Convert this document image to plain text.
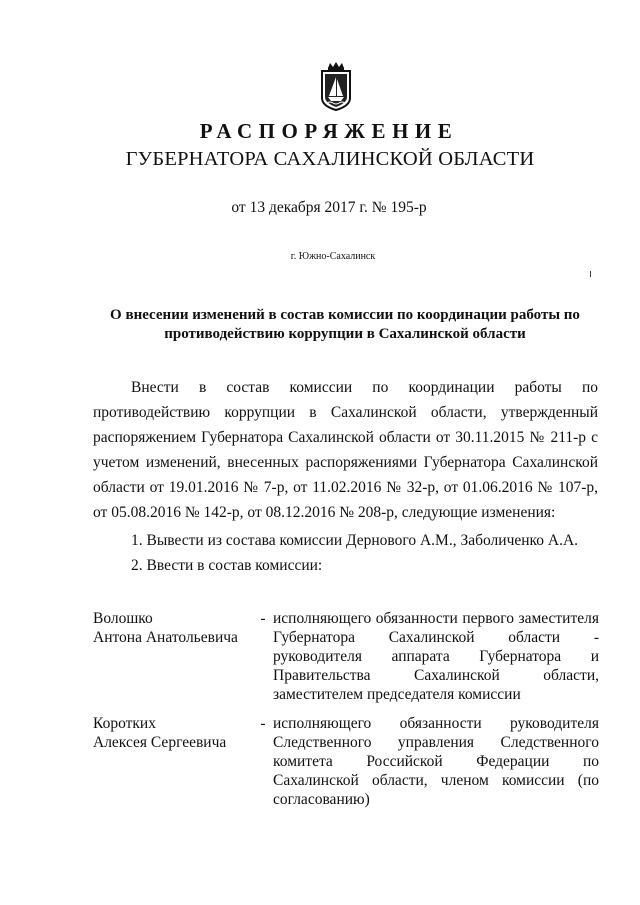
РАСПОРЯЖЕНИЕ
ГУБЕРНАТОРА САХАЛИНСКОЙ ОБЛАСТИ
от 13 декабря 2017 г. № 195-р
г. Южно-Сахалинск
О внесении изменений в состав комиссии по координации работы по противодействию коррупции в Сахалинской области
Внести в состав комиссии по координации работы по противодействию коррупции в Сахалинской области, утвержденный распоряжением Губернатора Сахалинской области от 30.11.2015 № 211-р с учетом изменений, внесенных распоряжениями Губернатора Сахалинской области от 19.01.2016 № 7-р, от 11.02.2016 № 32-р, от 01.06.2016 № 107-р, от 05.08.2016 № 142-р, от 08.12.2016 № 208-р, следующие изменения:
1. Вывести из состава комиссии Дернового А.М., Заболиченко А.А.
2. Ввести в состав комиссии:
Волошко
Антона Анатольевича
- исполняющего обязанности первого заместителя Губернатора Сахалинской области - руководителя аппарата Губернатора и Правительства Сахалинской области, заместителем председателя комиссии
Коротких
Алексея Сергеевича
- исполняющего обязанности руководителя Следственного управления Следственного комитета Российской Федерации по Сахалинской области, членом комиссии (по согласованию)
